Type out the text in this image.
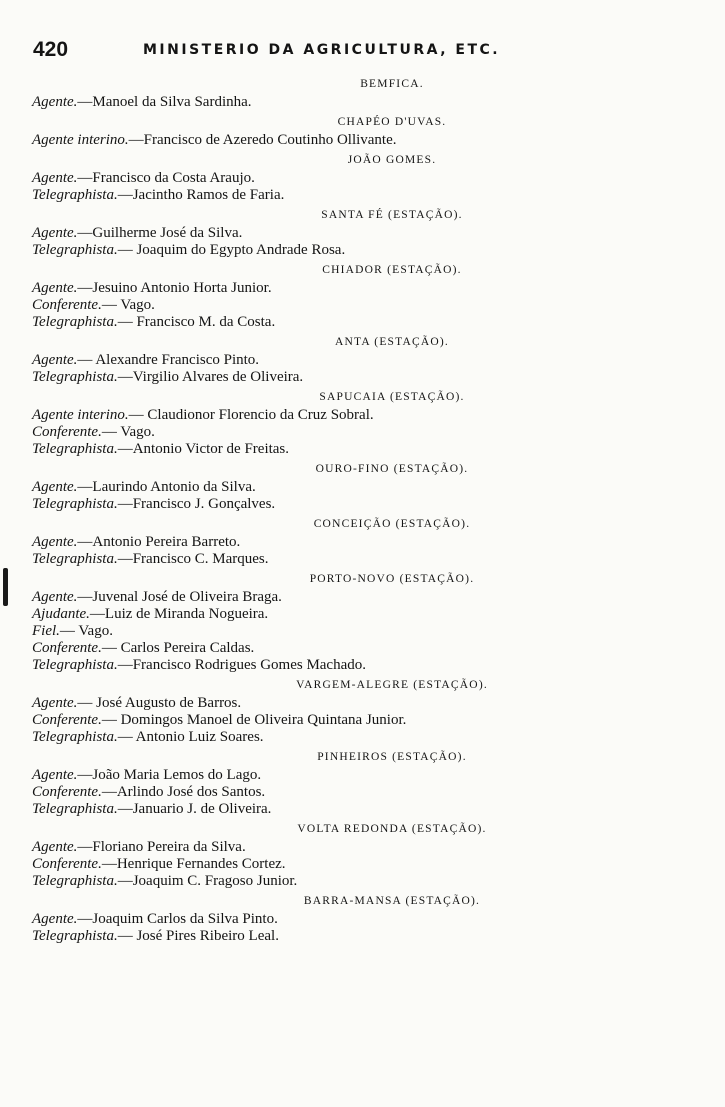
420	MINISTERIO DA AGRICULTURA, ETC.
BEMFICA.
Agente.—Manoel da Silva Sardinha.
CHAPÉO D'UVAS.
Agente interino.—Francisco de Azeredo Coutinho Ollivante.
JOÃO GOMES.
Agente.—Francisco da Costa Araujo.
Telegraphista.—Jacintho Ramos de Faria.
SANTA FÉ (ESTAÇÃO).
Agente.—Guilherme José da Silva.
Telegraphista.— Joaquim do Egypto Andrade Rosa.
CHIADOR (ESTAÇÃO).
Agente.—Jesuino Antonio Horta Junior.
Conferente.— Vago.
Telegraphista.— Francisco M. da Costa.
ANTA (ESTAÇÃO).
Agente.— Alexandre Francisco Pinto.
Telegraphista.—Virgilio Alvares de Oliveira.
SAPUCAIA (ESTAÇÃO).
Agente interino.— Claudionor Florencio da Cruz Sobral.
Conferente.— Vago.
Telegraphista.—Antonio Victor de Freitas.
OURO-FINO (ESTAÇÃO).
Agente.—Laurindo Antonio da Silva.
Telegraphista.—Francisco J. Gonçalves.
CONCEIÇÃO (ESTAÇÃO).
Agente.—Antonio Pereira Barreto.
Telegraphista.—Francisco C. Marques.
PORTO-NOVO (ESTAÇÃO).
Agente.—Juvenal José de Oliveira Braga.
Ajudante.—Luiz de Miranda Nogueira.
Fiel.— Vago.
Conferente.— Carlos Pereira Caldas.
Telegraphista.—Francisco Rodrigues Gomes Machado.
VARGEM-ALEGRE (ESTAÇÃO).
Agente.— José Augusto de Barros.
Conferente.— Domingos Manoel de Oliveira Quintana Junior.
Telegraphista.— Antonio Luiz Soares.
PINHEIROS (ESTAÇÃO).
Agente.—João Maria Lemos do Lago.
Conferente.—Arlindo José dos Santos.
Telegraphista.—Januario J. de Oliveira.
VOLTA REDONDA (ESTAÇÃO).
Agente.—Floriano Pereira da Silva.
Conferente.—Henrique Fernandes Cortez.
Telegraphista.—Joaquim C. Fragoso Junior.
BARRA-MANSA (ESTAÇÃO).
Agente.—Joaquim Carlos da Silva Pinto.
Telegraphista.— José Pires Ribeiro Leal.
